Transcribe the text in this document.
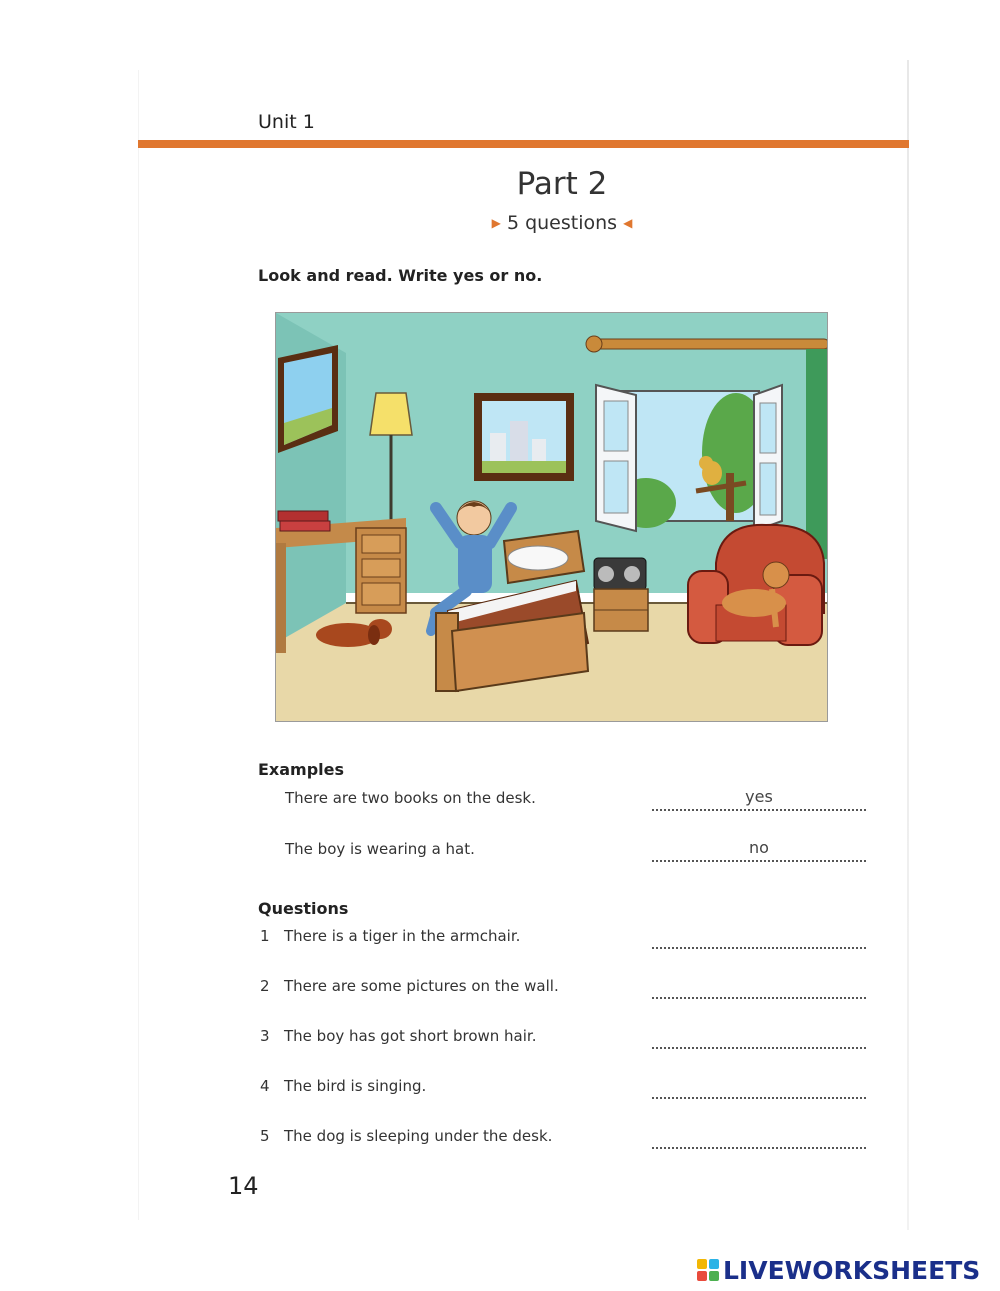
Unit 1
Part 2
▶ 5 questions ◀
Look and read. Write yes or no.
Examples
There are two books on the desk.	yes
The boy is wearing a hat.	no
Questions
1 There is a tiger in the armchair.
2 There are some pictures on the wall.
3 The boy has got short brown hair.
4 The bird is singing.
5 The dog is sleeping under the desk.
14
LIVEWORKSHEETS
